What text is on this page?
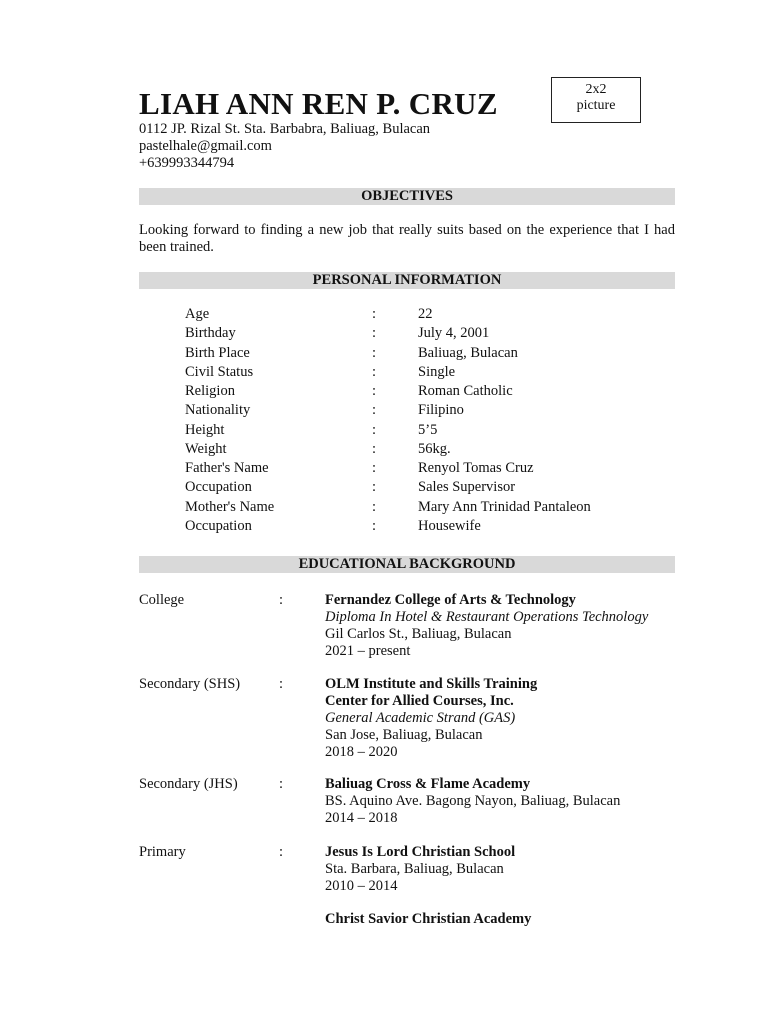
LIAH ANN REN P. CRUZ
0112 JP. Rizal St. Sta. Barbabra, Baliuag, Bulacan
pastelhale@gmail.com
+639993344794
2x2
picture
OBJECTIVES
Looking forward to finding a new job that really suits based on the experience that I had been trained.
PERSONAL INFORMATION
Age	:	22
Birthday	:	July 4, 2001
Birth Place	:	Baliuag, Bulacan
Civil Status	:	Single
Religion	:	Roman Catholic
Nationality	:	Filipino
Height	:	5’5
Weight	:	56kg.
Father's Name	:	Renyol Tomas Cruz
Occupation	:	Sales Supervisor
Mother's Name	:	Mary Ann Trinidad Pantaleon
Occupation	:	Housewife
EDUCATIONAL BACKGROUND
College	:	Fernandez College of Arts & Technology
Diploma In Hotel & Restaurant Operations Technology
Gil Carlos St., Baliuag, Bulacan
2021 – present
Secondary (SHS)	:	OLM Institute and Skills Training
Center for Allied Courses, Inc.
General Academic Strand (GAS)
San Jose, Baliuag, Bulacan
2018 – 2020
Secondary (JHS)	:	Baliuag Cross & Flame Academy
BS. Aquino Ave. Bagong Nayon, Baliuag, Bulacan
2014 – 2018
Primary	:	Jesus Is Lord Christian School
Sta. Barbara, Baliuag, Bulacan
2010 – 2014
Christ Savior Christian Academy
